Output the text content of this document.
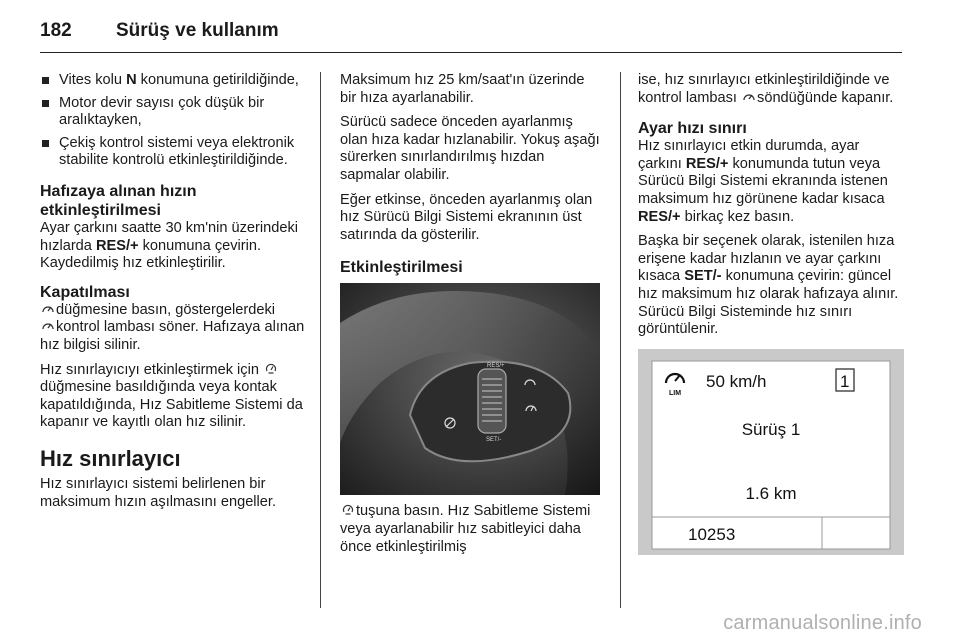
182 Sürüş ve kullanım
Vites kolu N konumuna getirildiğinde,
Motor devir sayısı çok düşük bir aralıktayken,
Çekiş kontrol sistemi veya elektronik stabilite kontrolü etkinleştirildiğinde.
Hafızaya alınan hızın etkinleştirilmesi

Ayar çarkını saatte 30 km'nin üzerindeki hızlarda RES/+ konumuna çevirin. Kaydedilmiş hız etkinleştirilir.

Kapatılması

düğmesine basın, göstergelerdeki
kontrol lambası söner. Hafızaya alınan hız bilgisi silinir.

Hız sınırlayıcıyı etkinleştirmek için
düğmesine basıldığında veya kontak kapatıldığında, Hız Sabitleme Sistemi da kapanır ve kayıtlı olan hız silinir.

Hız sınırlayıcı

Hız sınırlayıcı sistemi belirlenen bir maksimum hızın aşılmasını engeller.

Maksimum hız 25 km/saat'ın üzerinde bir hıza ayarlanabilir.

Sürücü sadece önceden ayarlanmış olan hıza kadar hızlanabilir. Yokuş aşağı sürerken sınırlandırılmış hızdan sapmalar olabilir.

Eğer etkinse, önceden ayarlanmış olan hız Sürücü Bilgi Sistemi ekranının üst satırında da gösterilir.

Etkinleştirilmesi
RES/+
SET/-

tuşuna basın. Hız Sabitleme Sistemi veya ayarlanabilir hız sabitleyici daha önce etkinleştirilmiş

ise, hız sınırlayıcı etkinleştirildiğinde ve kontrol lambası söndüğünde kapanır.

Ayar hızı sınırı

Hız sınırlayıcı etkin durumda, ayar çarkını RES/+ konumunda tutun veya Sürücü Bilgi Sistemi ekranında istenen maksimum hız görünene kadar kısaca RES/+ birkaç kez basın.

Başka bir seçenek olarak, istenilen hıza erişene kadar hızlanın ve ayar çarkını kısaca SET/- konumuna çevirin: güncel hız maksimum hız olarak hafızaya alınır. Sürücü Bilgi Sisteminde hız sınırı görüntülenir.

LIM
50 km/h	1
Sürüş 1
1.6 km
10253
carmanualsonline.info
